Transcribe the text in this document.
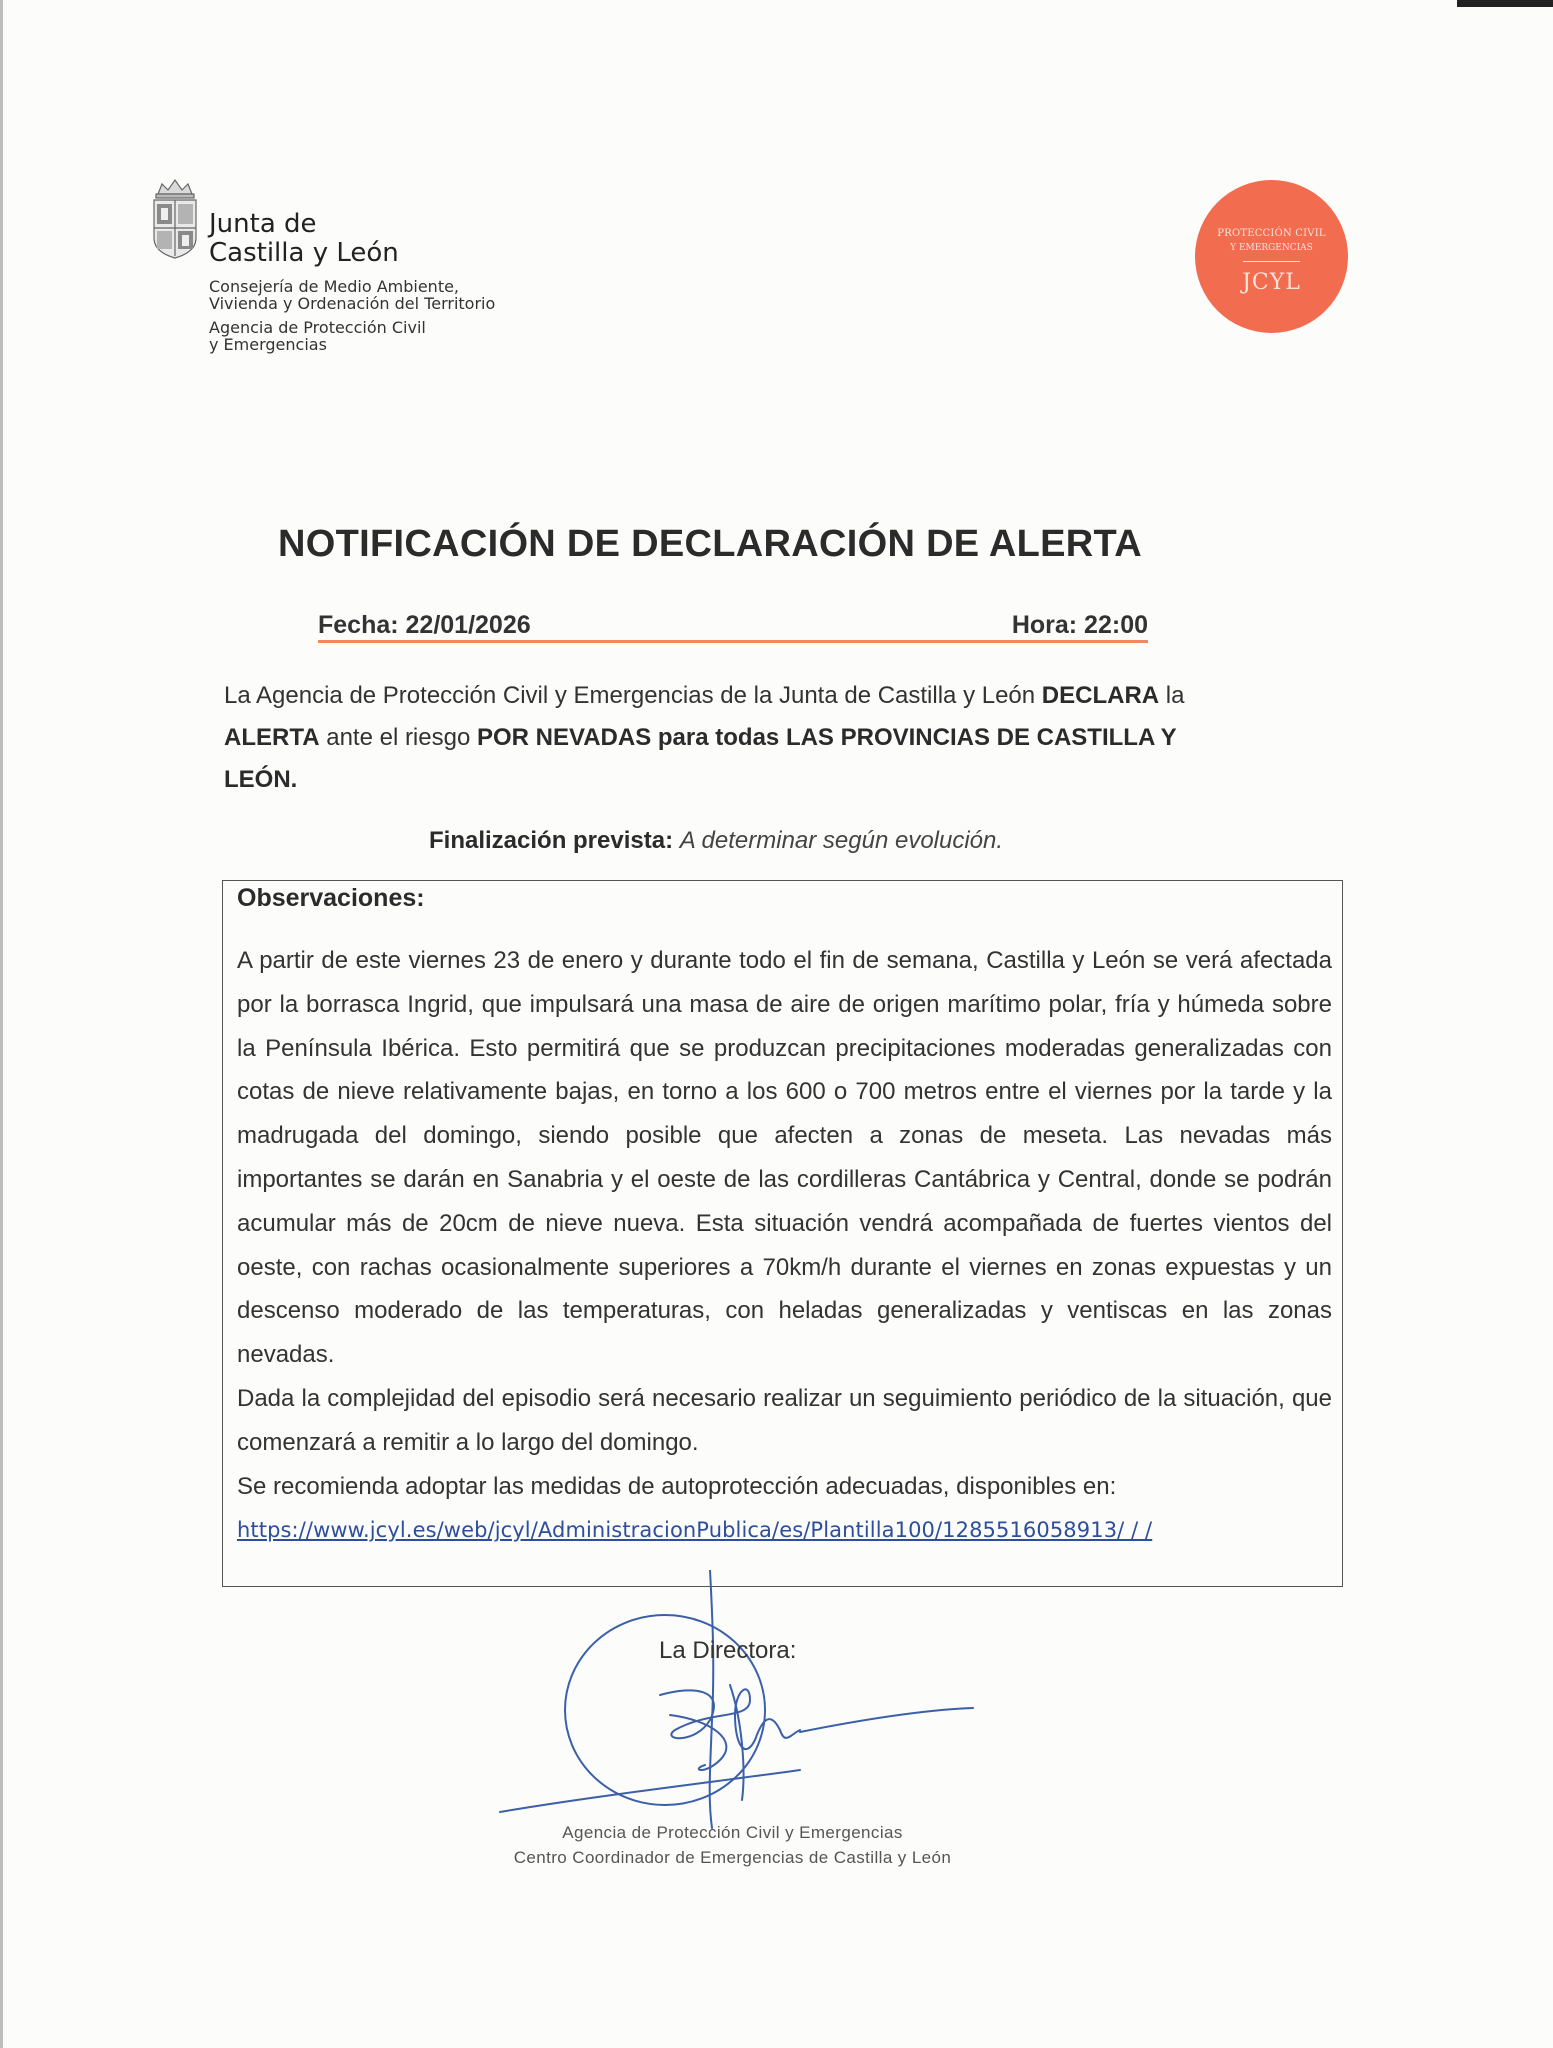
Junta de
Castilla y León
Consejería de Medio Ambiente,
Vivienda y Ordenación del Territorio
Agencia de Protección Civil
y Emergencias
PROTECCIÓN CIVIL
Y EMERGENCIAS
JCYL
NOTIFICACIÓN DE DECLARACIÓN DE ALERTA
Fecha: 22/01/2026	Hora: 22:00
La Agencia de Protección Civil y Emergencias de la Junta de Castilla y León DECLARA la
ALERTA ante el riesgo POR NEVADAS para todas LAS PROVINCIAS DE CASTILLA Y LEÓN.
Finalización prevista: A determinar según evolución.
Observaciones:

A partir de este viernes 23 de enero y durante todo el fin de semana, Castilla y León se verá afectada por la borrasca Ingrid, que impulsará una masa de aire de origen marítimo polar, fría y húmeda sobre la Península Ibérica. Esto permitirá que se produzcan precipitaciones moderadas generalizadas con cotas de nieve relativamente bajas, en torno a los 600 o 700 metros entre el viernes por la tarde y la madrugada del domingo, siendo posible que afecten a zonas de meseta. Las nevadas más importantes se darán en Sanabria y el oeste de las cordilleras Cantábrica y Central, donde se podrán acumular más de 20cm de nieve nueva. Esta situación vendrá acompañada de fuertes vientos del oeste, con rachas ocasionalmente superiores a 70km/h durante el viernes en zonas expuestas y un descenso moderado de las temperaturas, con heladas generalizadas y ventiscas en las zonas nevadas.

Dada la complejidad del episodio será necesario realizar un seguimiento periódico de la situación, que comenzará a remitir a lo largo del domingo.

Se recomienda adoptar las medidas de autoprotección adecuadas, disponibles en:

https://www.jcyl.es/web/jcyl/AdministracionPublica/es/Plantilla100/1285516058913/ / /
La Directora:
Agencia de Protección Civil y Emergencias
Centro Coordinador de Emergencias de Castilla y León
